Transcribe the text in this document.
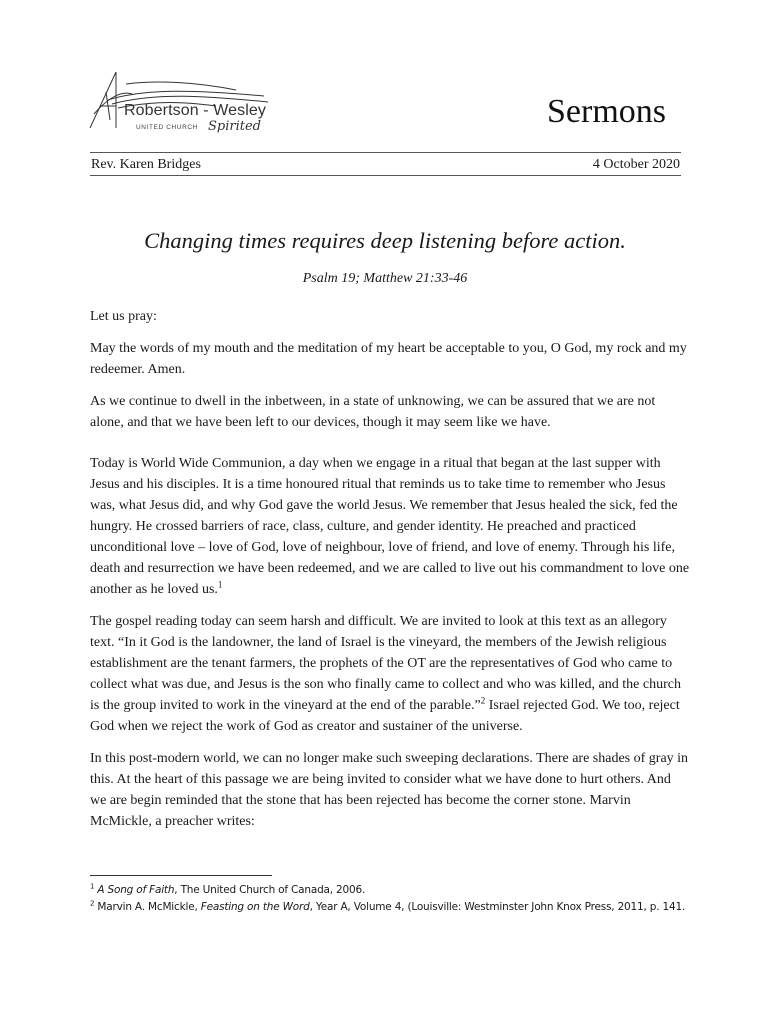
Robertson - Wesley
UNITED CHURCH Spirited	Sermons
Rev. Karen Bridges	4 October 2020
Changing times requires deep listening before action.
Psalm 19; Matthew 21:33-46

Let us pray:

May the words of my mouth and the meditation of my heart be acceptable to you, O God, my rock and my redeemer. Amen.

As we continue to dwell in the inbetween, in a state of unknowing, we can be assured that we are not alone, and that we have been left to our devices, though it may seem like we have.

Today is World Wide Communion, a day when we engage in a ritual that began at the last supper with Jesus and his disciples. It is a time honoured ritual that reminds us to take time to remember who Jesus was, what Jesus did, and why God gave the world Jesus. We remember that Jesus healed the sick, fed the hungry. He crossed barriers of race, class, culture, and gender identity. He preached and practiced unconditional love – love of God, love of neighbour, love of friend, and love of enemy. Through his life, death and resurrection we have been redeemed, and we are called to live out his commandment to love one another as he loved us.$^1$

The gospel reading today can seem harsh and difficult. We are invited to look at this text as an allegory text. “In it God is the landowner, the land of Israel is the vineyard, the members of the Jewish religious establishment are the tenant farmers, the prophets of the OT are the representatives of God who came to collect what was due, and Jesus is the son who finally came to collect and who was killed, and the church is the group invited to work in the vineyard at the end of the parable.”$^2$ Israel rejected God. We too, reject God when we reject the work of God as creator and sustainer of the universe.

In this post-modern world, we can no longer make such sweeping declarations. There are shades of gray in this. At the heart of this passage we are being invited to consider what we have done to hurt others. And we are begin reminded that the stone that has been rejected has become the corner stone. Marvin McMickle, a preacher writes:

$^1$ A Song of Faith, The United Church of Canada, 2006.

$^2$ Marvin A. McMickle, Feasting on the Word, Year A, Volume 4, (Louisville: Westminster John Knox Press, 2011, p. 141.
